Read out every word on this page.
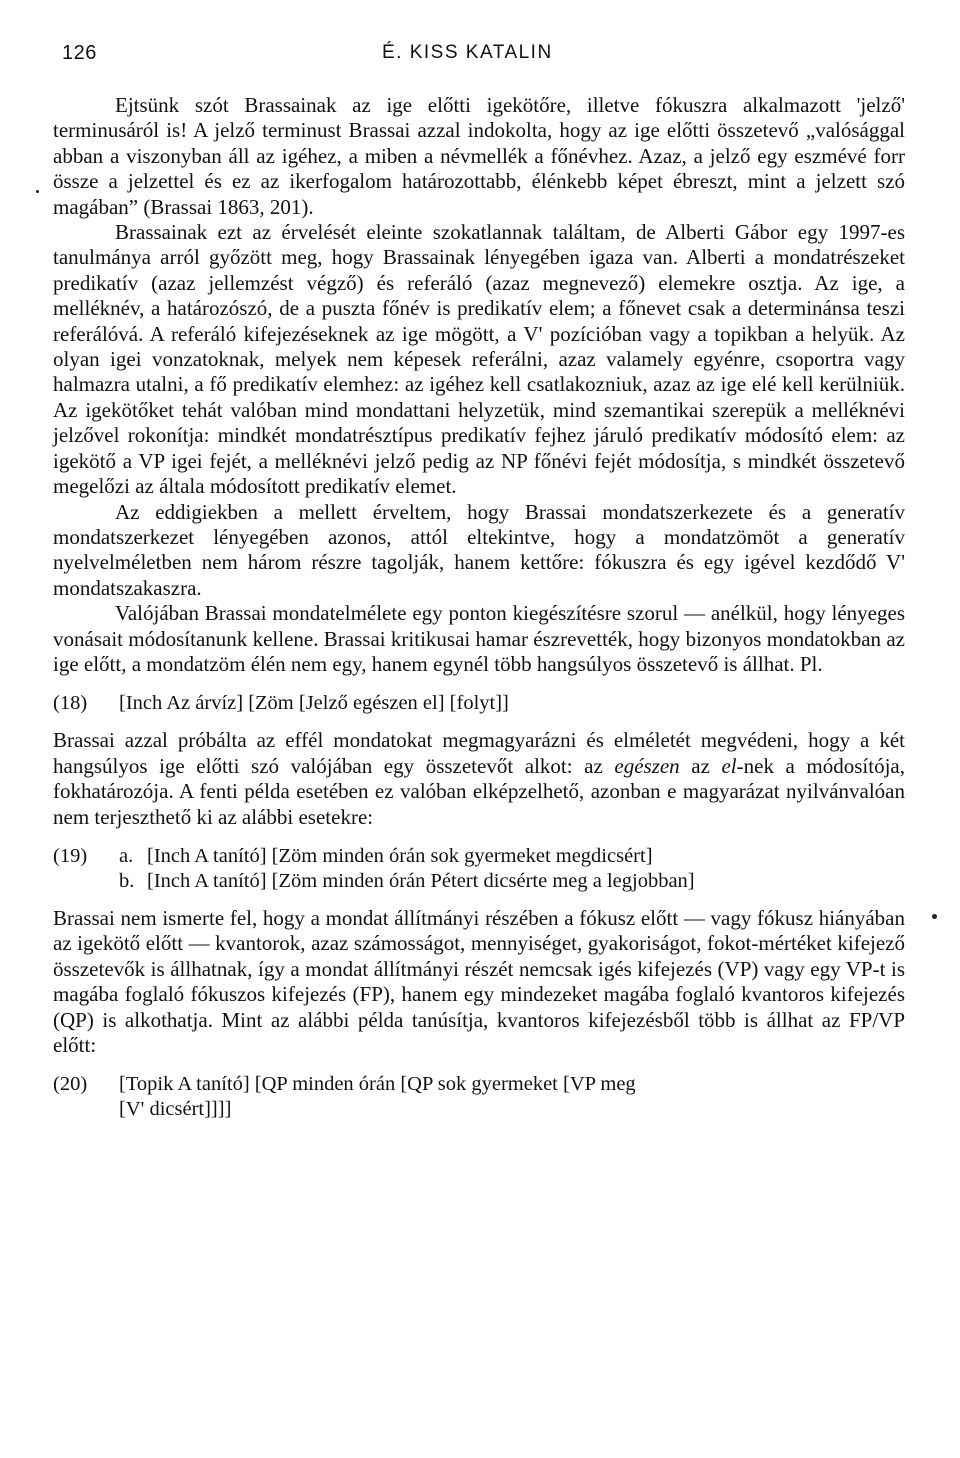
126	É. KISS KATALIN

Ejtsünk szót Brassainak az ige előtti igekötőre, illetve fókuszra alkalmazott 'jelző' terminusáról is! A jelző terminust Brassai azzal indokolta, hogy az ige előtti összetevő „valósággal abban a viszonyban áll az igéhez, a miben a névmellék a főnévhez. Azaz, a jelző egy eszmévé forr össze a jelzettel és ez az ikerfogalom határozottabb, élénkebb képet ébreszt, mint a jelzett szó magában” (Brassai 1863, 201).

Brassainak ezt az érvelését eleinte szokatlannak találtam, de Alberti Gábor egy 1997-es tanulmánya arról győzött meg, hogy Brassainak lényegében igaza van. Alberti a mondatrészeket predikatív (azaz jellemzést végző) és referáló (azaz megnevező) elemekre osztja. Az ige, a melléknév, a határozószó, de a puszta főnév is predikatív elem; a főnevet csak a determinánsa teszi referálóvá. A referáló kifejezéseknek az ige mögött, a V' pozícióban vagy a topikban a helyük. Az olyan igei vonzatoknak, melyek nem képesek referálni, azaz valamely egyénre, csoportra vagy halmazra utalni, a fő predikatív elemhez: az igéhez kell csatlakozniuk, azaz az ige elé kell kerülniük. Az igekötőket tehát valóban mind mondattani helyzetük, mind szemantikai szerepük a melléknévi jelzővel rokonítja: mindkét mondatrésztípus predikatív fejhez járuló predikatív módosító elem: az igekötő a VP igei fejét, a melléknévi jelző pedig az NP főnévi fejét módosítja, s mindkét összetevő megelőzi az általa módosított predikatív elemet.

Az eddigiekben a mellett érveltem, hogy Brassai mondatszerkezete és a generatív mondatszerkezet lényegében azonos, attól eltekintve, hogy a mondatzömöt a generatív nyelvelméletben nem három részre tagolják, hanem kettőre: fókuszra és egy igével kezdődő V' mondatszakaszra.

Valójában Brassai mondatelmélete egy ponton kiegészítésre szorul — anélkül, hogy lényeges vonásait módosítanunk kellene. Brassai kritikusai hamar észrevették, hogy bizonyos mondatokban az ige előtt, a mondatzöm élén nem egy, hanem egynél több hangsúlyos összetevő is állhat. Pl.

(18)	[Inch Az árvíz] [Zöm [Jelző egészen el] [folyt]]

Brassai azzal próbálta az effél mondatokat megmagyarázni és elméletét megvédeni, hogy a két hangsúlyos ige előtti szó valójában egy összetevőt alkot: az egészen az el-nek a módosítója, fokhatározója. A fenti példa esetében ez valóban elképzelhető, azonban e magyarázat nyilvánvalóan nem terjeszthető ki az alábbi esetekre:

(19)	a. [Inch A tanító] [Zöm minden órán sok gyermeket megdicsért]
b. [Inch A tanító] [Zöm minden órán Pétert dicsérte meg a legjobban]

Brassai nem ismerte fel, hogy a mondat állítmányi részében a fókusz előtt — vagy fókusz hiányában az igekötő előtt — kvantorok, azaz számosságot, mennyiséget, gyakoriságot, fokot-mértéket kifejező összetevők is állhatnak, így a mondat állítmányi részét nemcsak igés kifejezés (VP) vagy egy VP-t is magába foglaló fókuszos kifejezés (FP), hanem egy mindezeket magába foglaló kvantoros kifejezés (QP) is alkothatja. Mint az alábbi példa tanúsítja, kvantoros kifejezésből több is állhat az FP/VP előtt:

(20)	[Topik A tanító] [QP minden órán [QP sok gyermeket [VP meg
[V' dicsért]]]]
